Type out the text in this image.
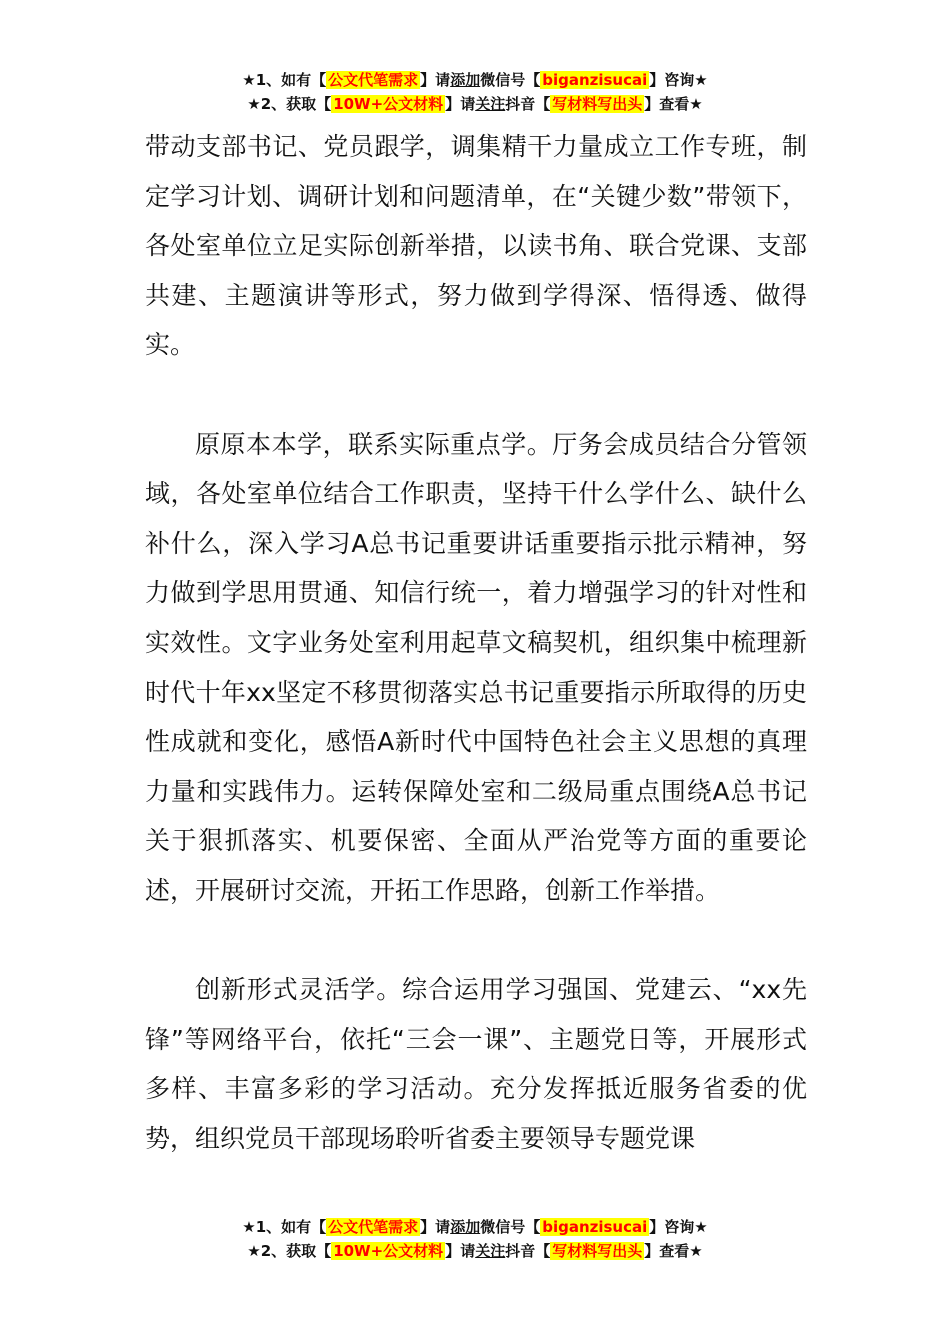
★1、如有【 公文代笔需求 】请添加微信号【 biganzisucai 】咨询★
★2、获取【 10W+公文材料 】请关注抖音【 写材料写出头 】查看★

带动支部书记、党员跟学，调集精干力量成立工作专班，制定学习计划、调研计划和问题清单，在“关键少数”带领下，各处室单位立足实际创新举措，以读书角、联合党课、支部共建、主题演讲等形式，努力做到学得深、悟得透、做得实。

原原本本学，联系实际重点学。厅务会成员结合分管领域，各处室单位结合工作职责，坚持干什么学什么、缺什么补什么，深入学习A总书记重要讲话重要指示批示精神，努力做到学思用贯通、知信行统一，着力增强学习的针对性和实效性。文字业务处室利用起草文稿契机，组织集中梳理新时代十年xx坚定不移贯彻落实总书记重要指示所取得的历史性成就和变化，感悟A新时代中国特色社会主义思想的真理力量和实践伟力。运转保障处室和二级局重点围绕A总书记关于狠抓落实、机要保密、全面从严治党等方面的重要论述，开展研讨交流，开拓工作思路，创新工作举措。

创新形式灵活学。综合运用学习强国、党建云、“xx先锋”等网络平台，依托“三会一课”、主题党日等，开展形式多样、丰富多彩的学习活动。充分发挥抵近服务省委的优势，组织党员干部现场聆听省委主要领导专题党课

★1、如有【 公文代笔需求 】请添加微信号【 biganzisucai 】咨询★
★2、获取【 10W+公文材料 】请关注抖音【 写材料写出头 】查看★
